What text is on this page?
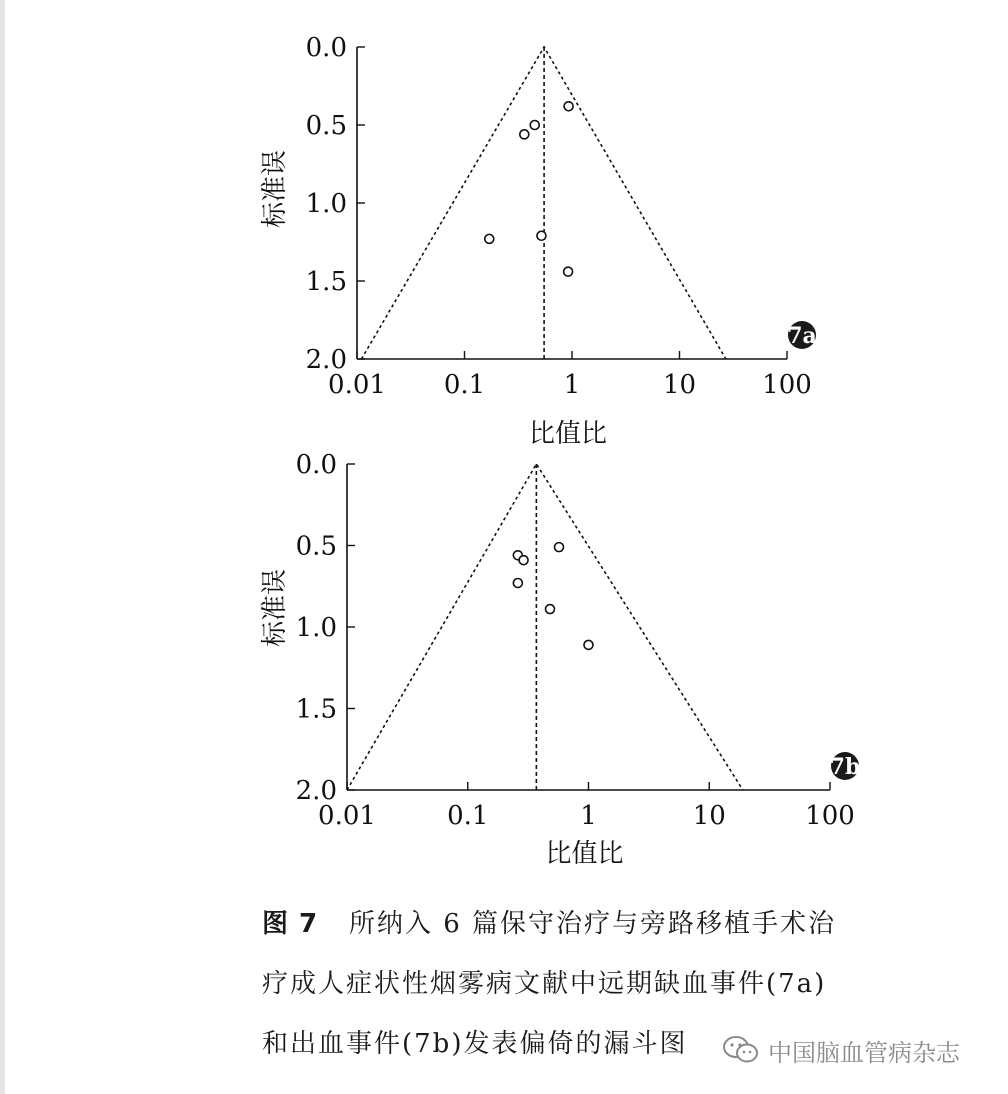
0.0
0.5
1.0
1.5
2.0
0.01 0.1	1	10	100
7a
比值比
标准误
0.0
0.5
1.0
1.5
2.0
0.01	0.1	1	10	100
7b
比值比
标准误
图 7 所纳入 6 篇保守治疗与旁路移植手术治
疗成人症状性烟雾病文献中远期缺血事件(7a)
和出血事件(7b)发表偏倚的漏斗图	中国脑血管病杂志
